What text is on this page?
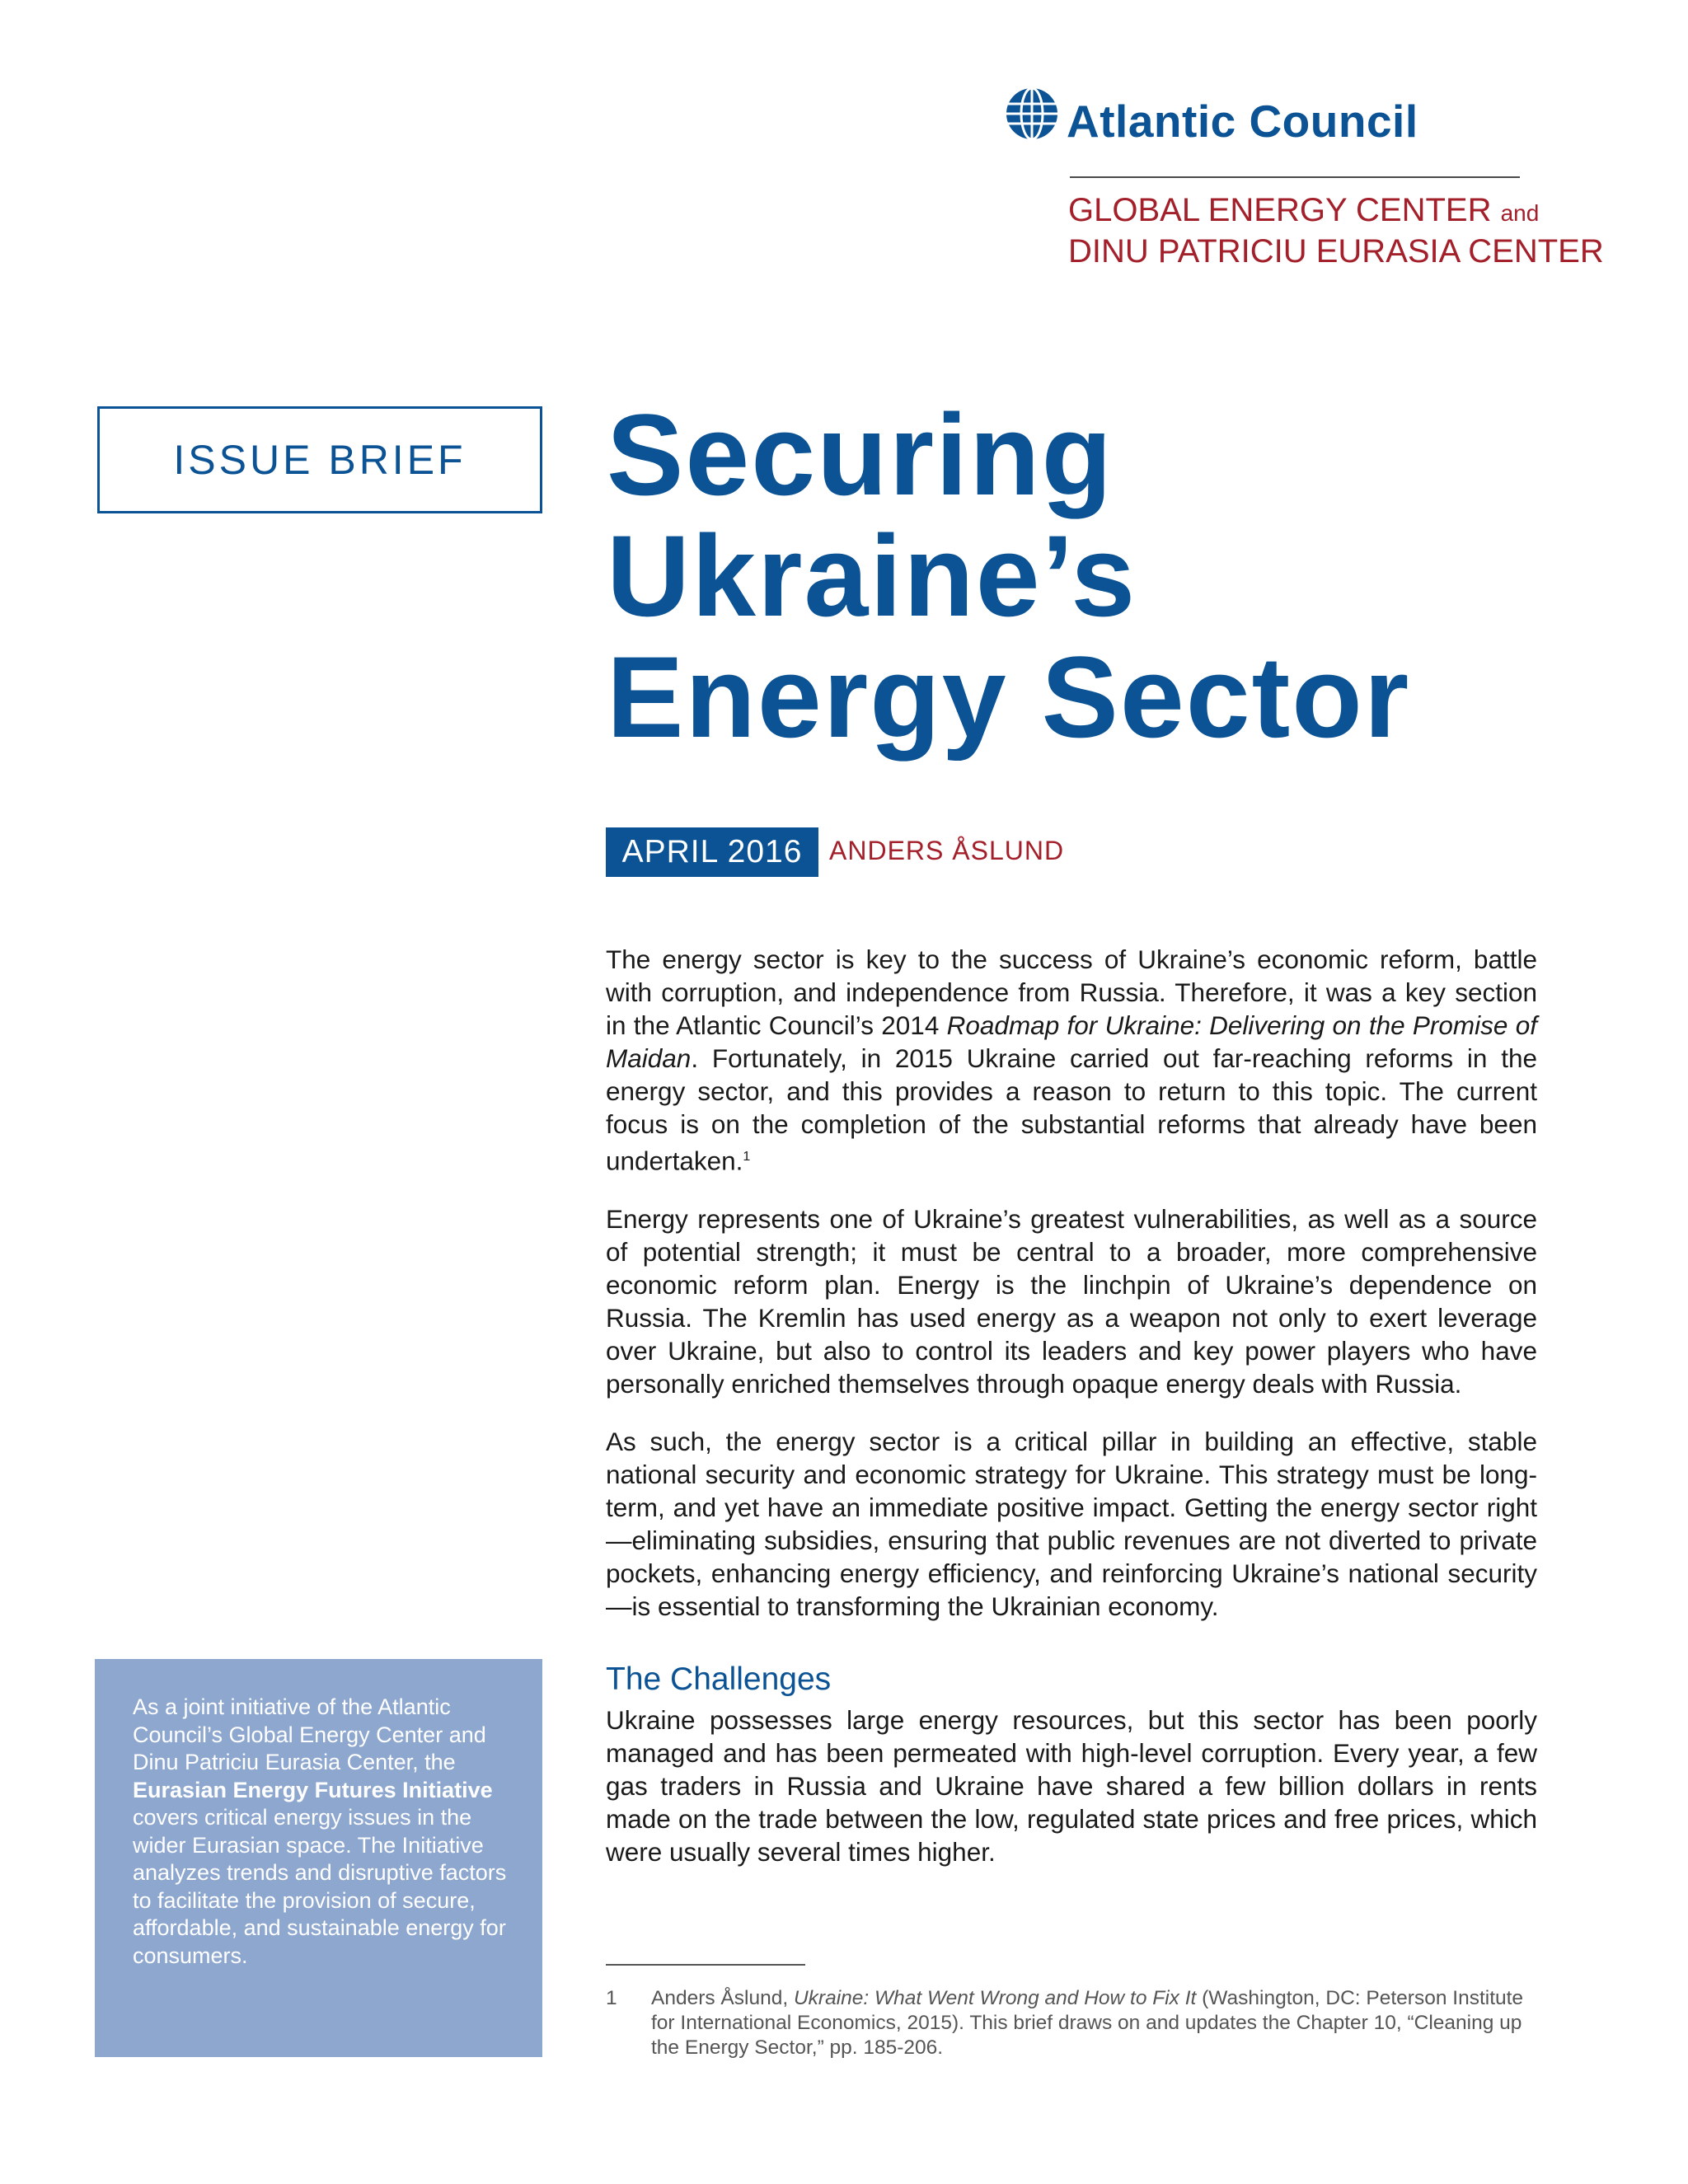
Atlantic Council
GLOBAL ENERGY CENTER and
DINU PATRICIU EURASIA CENTER
ISSUE BRIEF	Securing
Ukraine’s
Energy Sector
APRIL 2016	ANDERS ÅSLUND

The energy sector is key to the success of Ukraine’s economic reform, battle with corruption, and independence from Russia. Therefore, it was a key section in the Atlantic Council’s 2014 Roadmap for Ukraine: Delivering on the Promise of Maidan. Fortunately, in 2015 Ukraine carried out far-reaching reforms in the energy sector, and this provides a reason to return to this topic. The current focus is on the completion of the substantial reforms that already have been undertaken.$^1$

Energy represents one of Ukraine’s greatest vulnerabilities, as well as a source of potential strength; it must be central to a broader, more comprehensive economic reform plan. Energy is the linchpin of Ukraine’s dependence on Russia. The Kremlin has used energy as a weapon not only to exert leverage over Ukraine, but also to control its leaders and key power players who have personally enriched themselves through opaque energy deals with Russia.

As such, the energy sector is a critical pillar in building an effective, stable national security and economic strategy for Ukraine. This strategy must be long-term, and yet have an immediate positive impact. Getting the energy sector right—eliminating subsidies, ensuring that public revenues are not diverted to private pockets, enhancing energy efficiency, and reinforcing Ukraine’s national security—is essential to transforming the Ukrainian economy.

The Challenges

Ukraine possesses large energy resources, but this sector has been poorly managed and has been permeated with high-level corruption. Every year, a few gas traders in Russia and Ukraine have shared a few billion dollars in rents made on the trade between the low, regulated state prices and free prices, which were usually several times higher.

1	Anders Åslund, Ukraine: What Went Wrong and How to Fix It (Washington, DC: Peterson Institute for International Economics, 2015). This brief draws on and updates the Chapter 10, “Cleaning up the Energy Sector,” pp. 185-206.
As a joint initiative of the Atlantic Council’s Global Energy Center and Dinu Patriciu Eurasia Center, the Eurasian Energy Futures Initiative covers critical energy issues in the wider Eurasian space. The Initiative analyzes trends and disruptive factors to facilitate the provision of secure, affordable, and sustainable energy for consumers.
